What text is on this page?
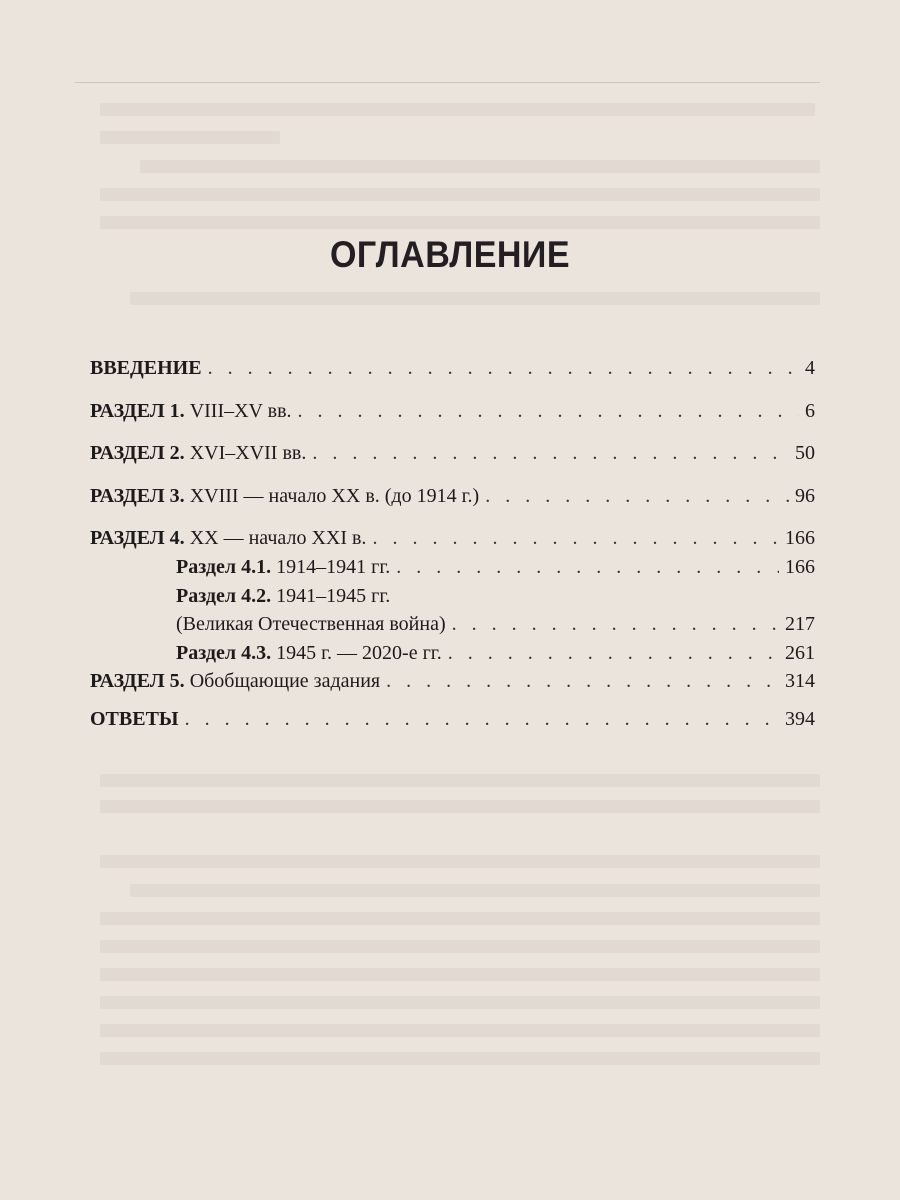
ОГЛАВЛЕНИЕ
ВВЕДЕНИЕ . . .	4
РАЗДЕЛ 1. VIII–XV вв. . . .	6
РАЗДЕЛ 2. XVI–XVII вв. . . .	50
РАЗДЕЛ 3. XVIII — начало XX в. (до 1914 г.) . . .	96
РАЗДЕЛ 4. XX — начало XXI в. . . .	166
Раздел 4.1. 1914–1941 гг. . . .	166
Раздел 4.2. 1941–1945 гг.
(Великая Отечественная война) . . .	217
Раздел 4.3. 1945 г. — 2020-е гг. . . .	261
РАЗДЕЛ 5. Обобщающие задания . . .	314
ОТВЕТЫ . . .	394
